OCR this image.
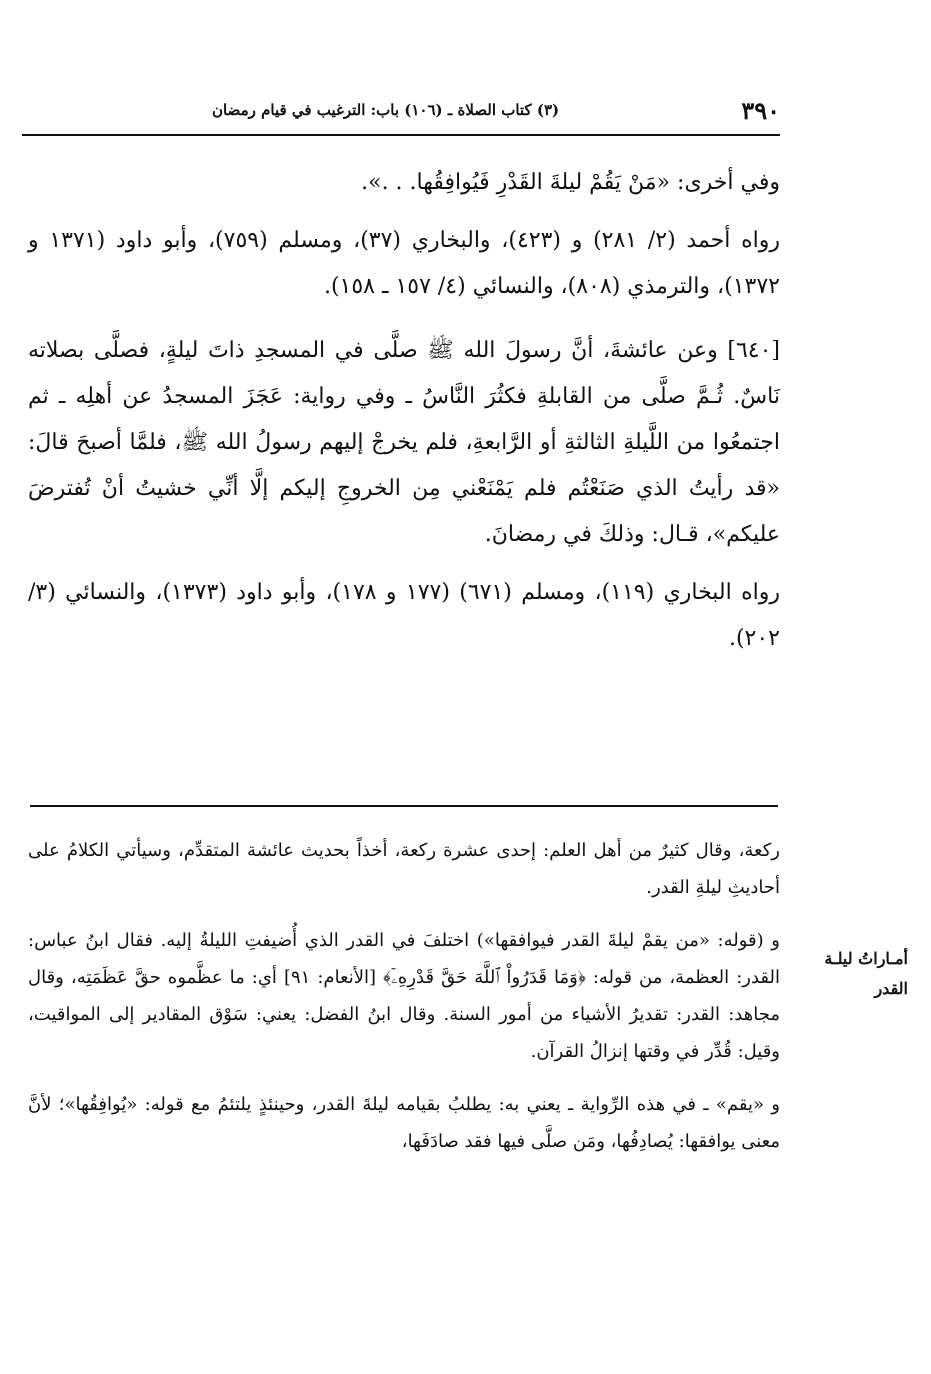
٣٩٠
(٣) كتاب الصلاة ـ (١٠٦) باب: الترغيب في قيام رمضان

وفي أخرى: «مَنْ يَقُمْ ليلةَ القَدْرِ فَيُوافِقُها. . .».

رواه أحمد (٢/ ٢٨١) و (٤٢٣)، والبخاري (٣٧)، ومسلم (٧٥٩)، وأبو داود (١٣٧١ و ١٣٧٢)، والترمذي (٨٠٨)، والنسائي (٤/ ١٥٧ ـ ١٥٨).

[٦٤٠] وعن عائشةَ، أنَّ رسولَ الله ﷺ صلَّى في المسجدِ ذاتَ ليلةٍ، فصلَّى بصلاته نَاسٌ. ثُـمَّ صلَّى من القابلةِ فكثُرَ النَّاسُ ـ وفي رواية: عَجَزَ المسجدُ عن أهلِه ـ ثم اجتمعُوا من اللَّيلةِ الثالثةِ أو الرَّابعةِ، فلم يخرجْ إليهم رسولُ الله ﷺ، فلمَّا أصبحَ قالَ: «قد رأيتُ الذي صَنَعْتُم فلم يَمْنَعْني مِن الخروجِ إليكم إلَّا أنِّي خشيتُ أنْ تُفترضَ عليكم»، قـال: وذلكَ في رمضانَ.

رواه البخاري (١١٩)، ومسلم (٦٧١) (١٧٧ و ١٧٨)، وأبو داود (١٣٧٣)، والنسائي (٣/ ٢٠٢).

ركعة، وقال كثيرٌ من أهل العلم: إحدى عشرة ركعة، أخذاً بحديث عائشة المتقدِّم، وسيأتي الكلامُ على أحاديثِ ليلةِ القدر.

و (قوله: «من يقمْ ليلةَ القدر فيوافقها») اختلفَ في القدر الذي أُضيفتِ الليلةُ إليه. فقال ابنُ عباس: القدر: العظمة، من قوله: ﴿وَمَا قَدَرُواْ ٱللَّهَ حَقَّ قَدْرِهِۦٓ﴾ [الأنعام: ٩١] أي: ما عظَّموه حقَّ عَظَمَتِه، وقال مجاهد: القدر: تقديرُ الأشياء من أمور السنة. وقال ابنُ الفضل: يعني: سَوْق المقادير إلى المواقيت، وقيل: قُدِّر في وقتها إنزالُ القرآن.

و «يقم» ـ في هذه الرِّواية ـ يعني به: يطلبُ بقيامه ليلةَ القدر، وحينئذٍ يلتئمُ مع قوله: «يُوافِقُها»؛ لأنَّ معنى يوافقها: يُصادِفُها، ومَن صلَّى فيها فقد صادَفَها،

أمـاراتُ ليلـة القدر
